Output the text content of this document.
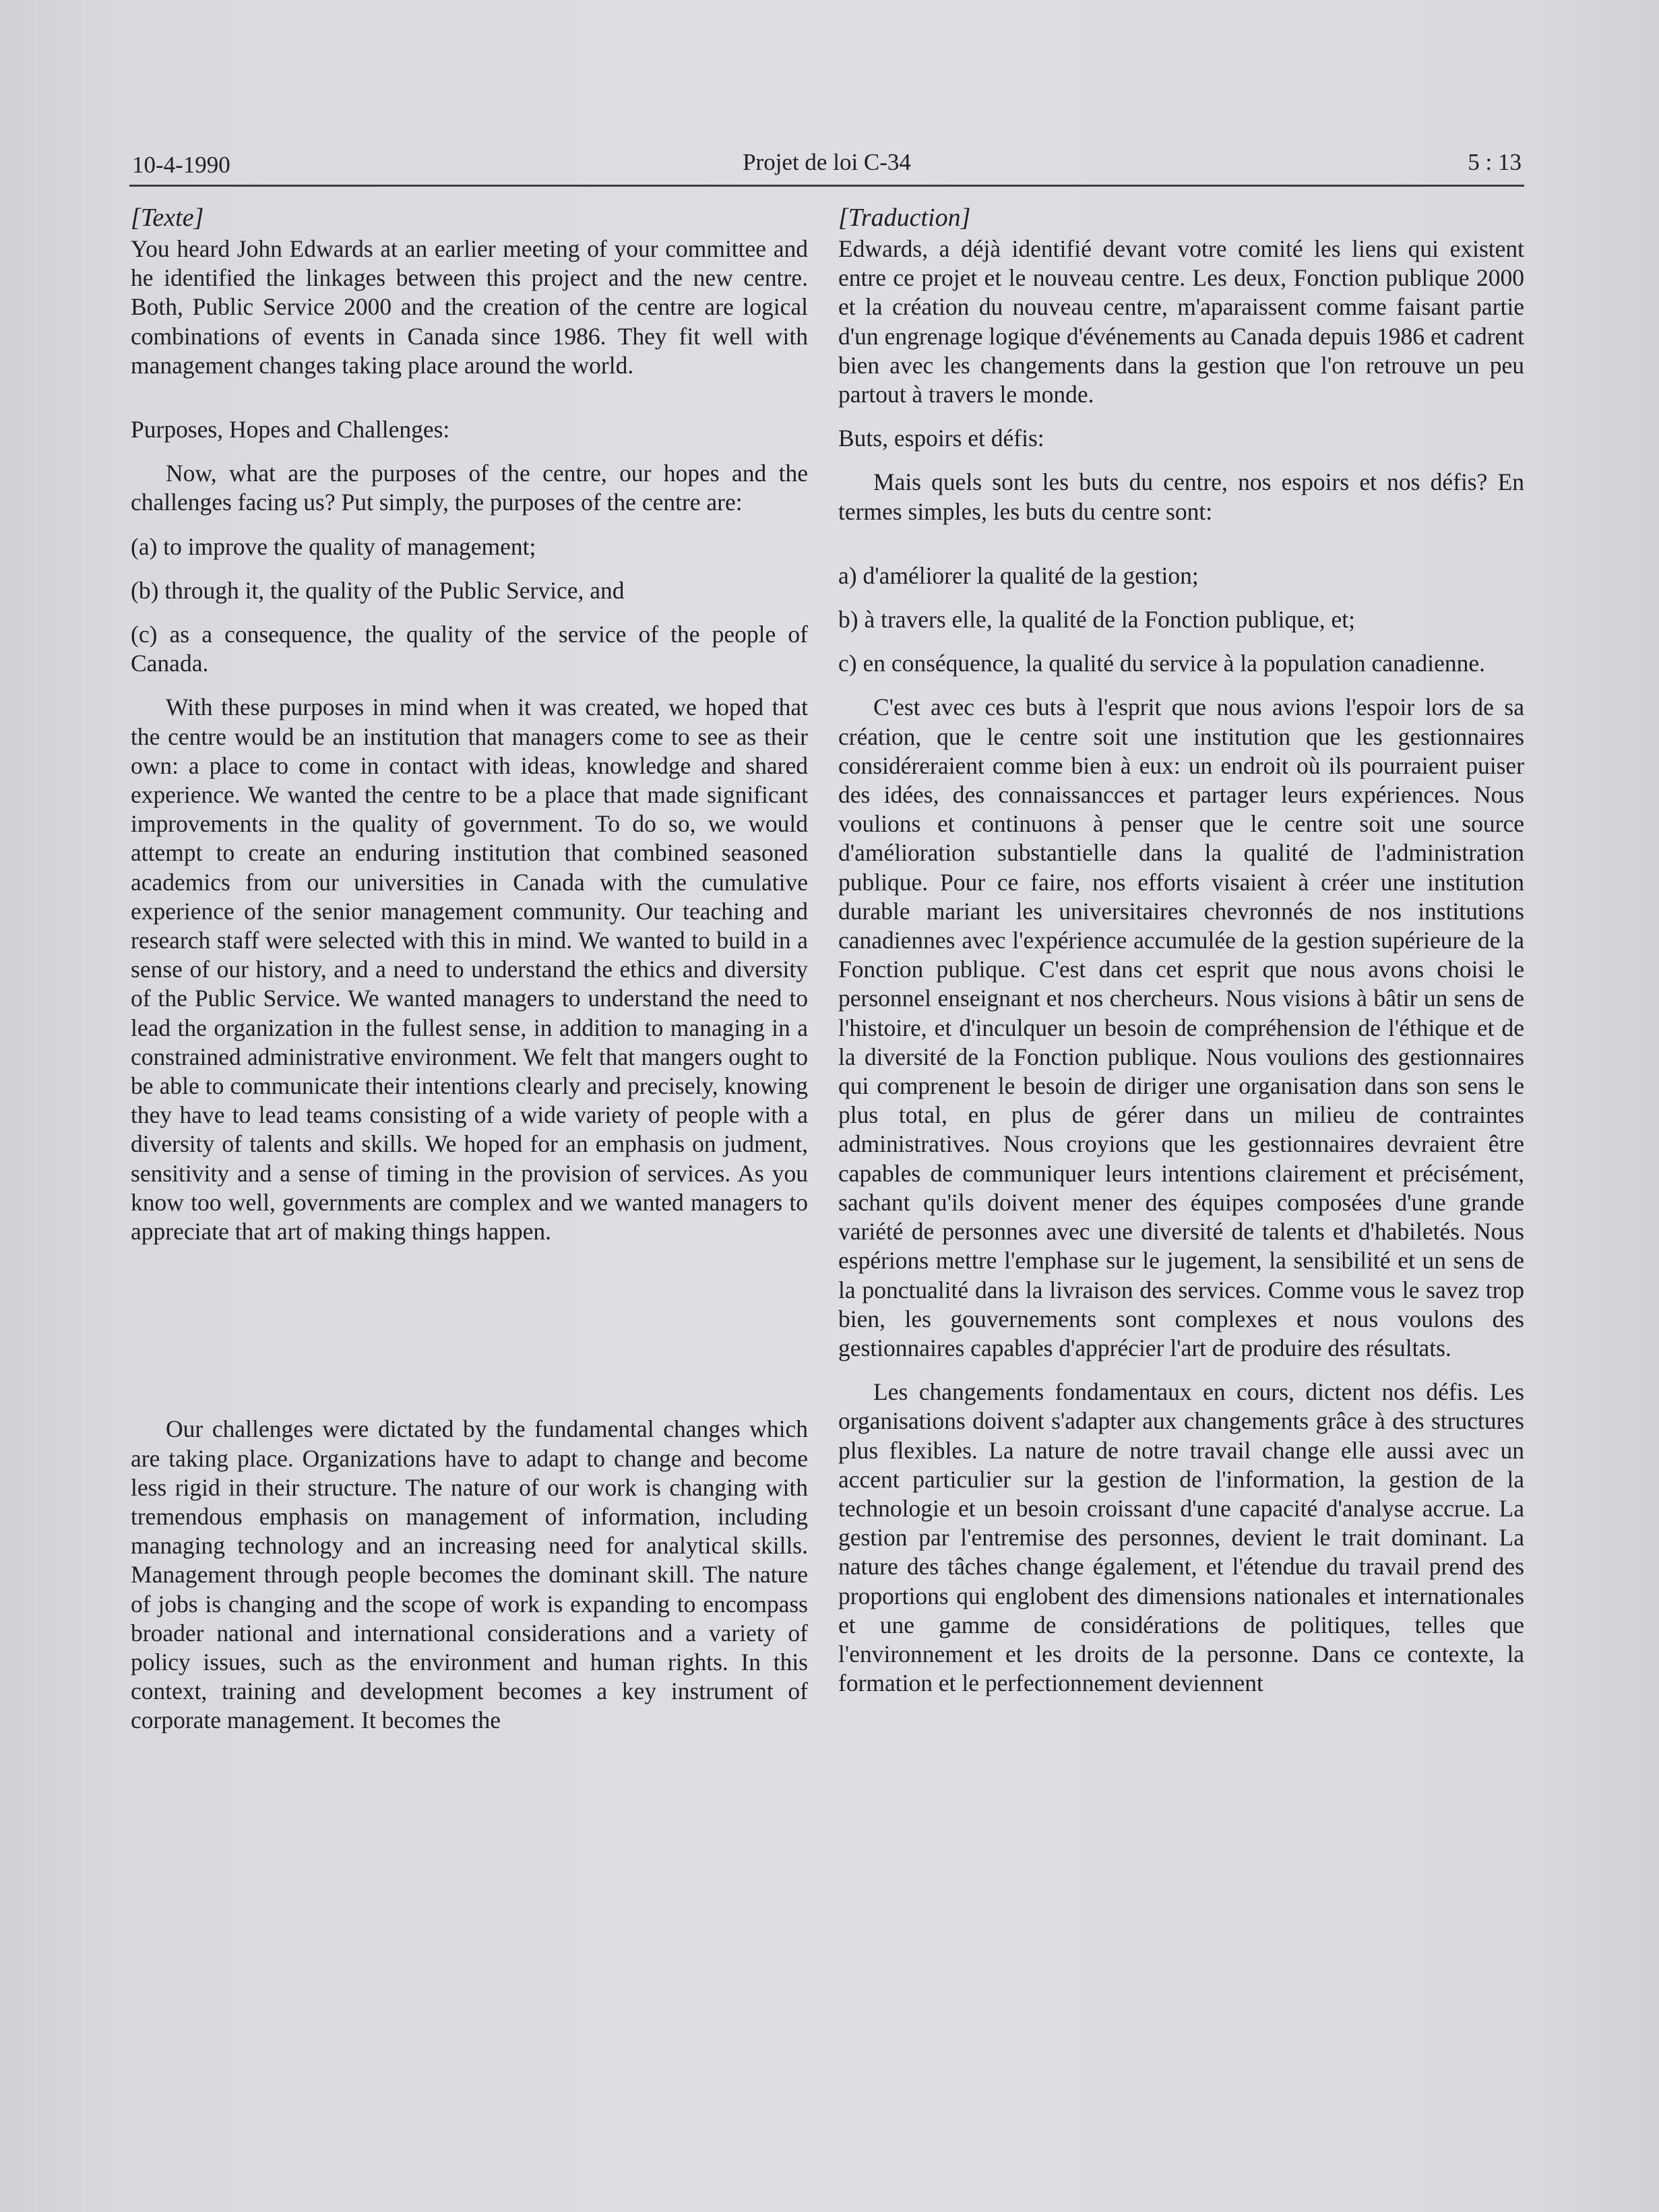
10-4-1990	Projet de loi C-34	5 : 13
[Texte]

You heard John Edwards at an earlier meeting of your committee and he identified the linkages between this project and the new centre. Both, Public Service 2000 and the creation of the centre are logical combinations of events in Canada since 1986. They fit well with management changes taking place around the world.

Purposes, Hopes and Challenges:

Now, what are the purposes of the centre, our hopes and the challenges facing us? Put simply, the purposes of the centre are:

(a) to improve the quality of management;

(b) through it, the quality of the Public Service, and

(c) as a consequence, the quality of the service of the people of Canada.

With these purposes in mind when it was created, we hoped that the centre would be an institution that managers come to see as their own: a place to come in contact with ideas, knowledge and shared experience. We wanted the centre to be a place that made significant improvements in the quality of government. To do so, we would attempt to create an enduring institution that combined seasoned academics from our universities in Canada with the cumulative experience of the senior management community. Our teaching and research staff were selected with this in mind. We wanted to build in a sense of our history, and a need to understand the ethics and diversity of the Public Service. We wanted managers to understand the need to lead the organization in the fullest sense, in addition to managing in a constrained administrative environment. We felt that mangers ought to be able to communicate their intentions clearly and precisely, knowing they have to lead teams consisting of a wide variety of people with a diversity of talents and skills. We hoped for an emphasis on judment, sensitivity and a sense of timing in the provision of services. As you know too well, governments are complex and we wanted managers to appreciate that art of making things happen.

Our challenges were dictated by the fundamental changes which are taking place. Organizations have to adapt to change and become less rigid in their structure. The nature of our work is changing with tremendous emphasis on management of information, including managing technology and an increasing need for analytical skills. Management through people becomes the dominant skill. The nature of jobs is changing and the scope of work is expanding to encompass broader national and international considerations and a variety of policy issues, such as the environment and human rights. In this context, training and development becomes a key instrument of corporate management. It becomes the

[Traduction]

Edwards, a déjà identifié devant votre comité les liens qui existent entre ce projet et le nouveau centre. Les deux, Fonction publique 2000 et la création du nouveau centre, m'aparaissent comme faisant partie d'un engrenage logique d'événements au Canada depuis 1986 et cadrent bien avec les changements dans la gestion que l'on retrouve un peu partout à travers le monde.

Buts, espoirs et défis:

Mais quels sont les buts du centre, nos espoirs et nos défis? En termes simples, les buts du centre sont:

a) d'améliorer la qualité de la gestion;

b) à travers elle, la qualité de la Fonction publique, et;

c) en conséquence, la qualité du service à la population canadienne.

C'est avec ces buts à l'esprit que nous avions l'espoir lors de sa création, que le centre soit une institution que les gestionnaires considéreraient comme bien à eux: un endroit où ils pourraient puiser des idées, des connaissancces et partager leurs expériences. Nous voulions et continuons à penser que le centre soit une source d'amélioration substantielle dans la qualité de l'administration publique. Pour ce faire, nos efforts visaient à créer une institution durable mariant les universitaires chevronnés de nos institutions canadiennes avec l'expérience accumulée de la gestion supérieure de la Fonction publique. C'est dans cet esprit que nous avons choisi le personnel enseignant et nos chercheurs. Nous visions à bâtir un sens de l'histoire, et d'inculquer un besoin de compréhension de l'éthique et de la diversité de la Fonction publique. Nous voulions des gestionnaires qui comprenent le besoin de diriger une organisation dans son sens le plus total, en plus de gérer dans un milieu de contraintes administratives. Nous croyions que les gestionnaires devraient être capables de communiquer leurs intentions clairement et précisément, sachant qu'ils doivent mener des équipes composées d'une grande variété de personnes avec une diversité de talents et d'habiletés. Nous espérions mettre l'emphase sur le jugement, la sensibilité et un sens de la ponctualité dans la livraison des services. Comme vous le savez trop bien, les gouvernements sont complexes et nous voulons des gestionnaires capables d'apprécier l'art de produire des résultats.

Les changements fondamentaux en cours, dictent nos défis. Les organisations doivent s'adapter aux changements grâce à des structures plus flexibles. La nature de notre travail change elle aussi avec un accent particulier sur la gestion de l'information, la gestion de la technologie et un besoin croissant d'une capacité d'analyse accrue. La gestion par l'entremise des personnes, devient le trait dominant. La nature des tâches change également, et l'étendue du travail prend des proportions qui englobent des dimensions nationales et internationales et une gamme de considérations de politiques, telles que l'environnement et les droits de la personne. Dans ce contexte, la formation et le perfectionnement deviennent
